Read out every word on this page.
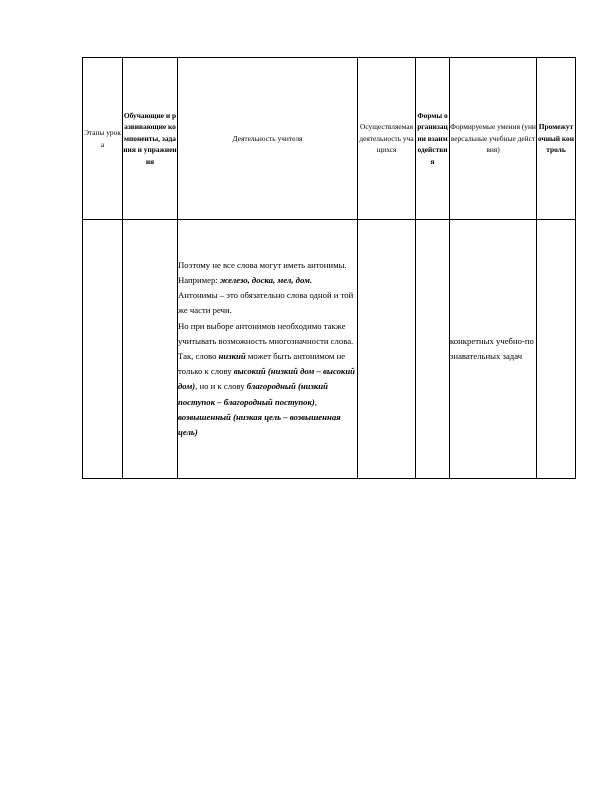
Этапы урока	Обучающие и развивающие компоненты, задания и упражнения	Деятельность учителя	Осуществляемая деятельность учащихся	Формы организации взаимодействия	Формируемые умения (универсальные учебные действия)	Промежуточный контроль

		Поэтому не все слова могут иметь антонимы. Например: железо, доска, мел, дом.

Антонимы – это обязательно слова одной и той же части речи.

Но при выборе антонимов необходимо также учитывать возможность многозначности слова. Так, слово низкий может быть антонимом не только к слову высокий (низкий дом – высокий дом), но и к слову благородный (низкий поступок – благородный поступок), возвышенный (низкая цель – возвышенная цель)			конкретных учебно-познавательных задач	
